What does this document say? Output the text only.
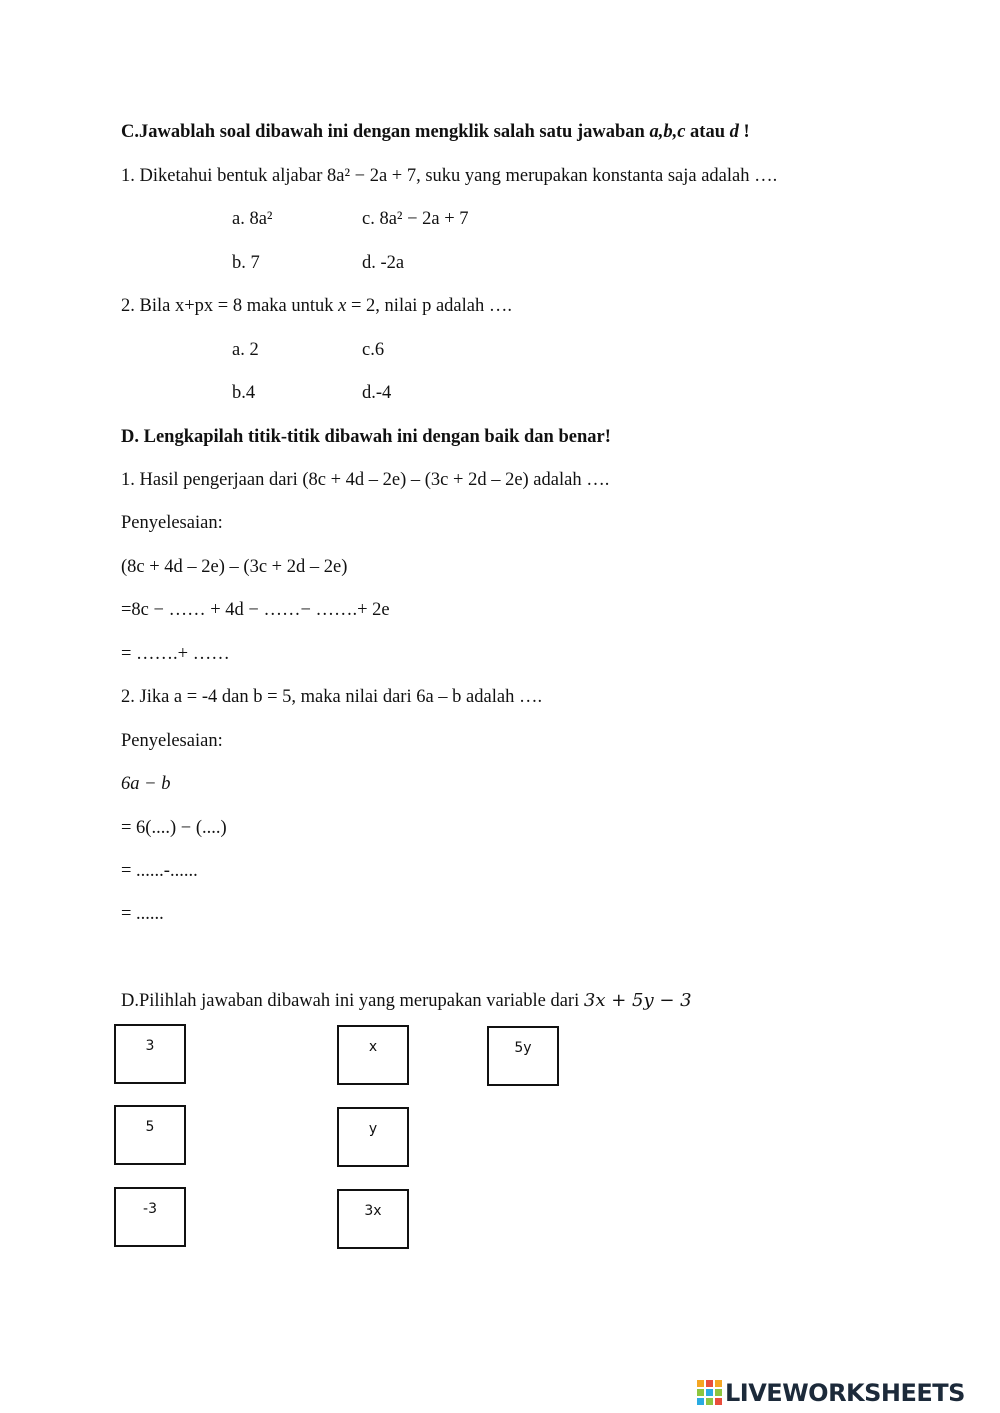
C.Jawablah soal dibawah ini dengan mengklik salah satu jawaban a,b,c atau d !
1. Diketahui bentuk aljabar 8a² − 2a + 7, suku yang merupakan konstanta saja adalah ….
a. 8a²	c. 8a² − 2a + 7
b. 7	d. -2a
2. Bila x+px = 8 maka untuk x = 2, nilai p adalah ….
a. 2	c.6
b.4	d.-4
D. Lengkapilah titik-titik dibawah ini dengan baik dan benar!
1. Hasil pengerjaan dari (8c + 4d – 2e) – (3c + 2d – 2e) adalah ….
Penyelesaian:
(8c + 4d – 2e) – (3c + 2d – 2e)
=8c − …… + 4d − ……− …….+ 2e
= …….+ ……
2. Jika a = -4 dan b = 5, maka nilai dari 6a – b adalah ….
Penyelesaian:
6a − b
= 6(....) − (....)
= ......-......
= ......
D.Pilihlah jawaban dibawah ini yang merupakan variable dari 3x + 5y − 3
3	x	5y
5	y
-3	3x
LIVEWORKSHEETS
